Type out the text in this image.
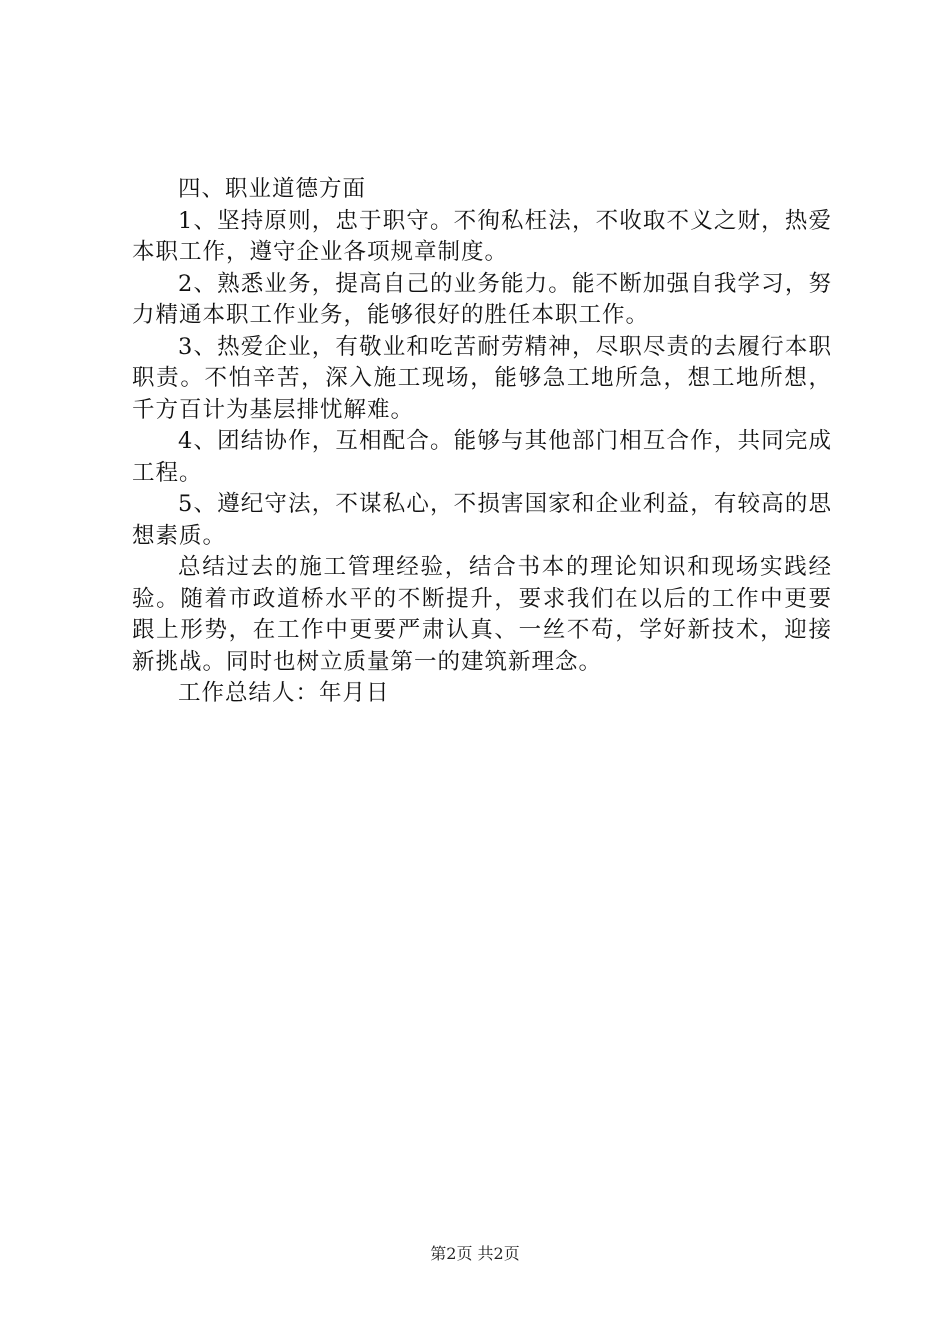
四、职业道德方面

1、坚持原则，忠于职守。不徇私枉法，不收取不义之财，热爱本职工作，遵守企业各项规章制度。

2、熟悉业务，提高自己的业务能力。能不断加强自我学习，努力精通本职工作业务，能够很好的胜任本职工作。

3、热爱企业，有敬业和吃苦耐劳精神，尽职尽责的去履行本职职责。不怕辛苦，深入施工现场，能够急工地所急，想工地所想，千方百计为基层排忧解难。

4、团结协作，互相配合。能够与其他部门相互合作，共同完成工程。

5、遵纪守法，不谋私心，不损害国家和企业利益，有较高的思想素质。

总结过去的施工管理经验，结合书本的理论知识和现场实践经验。随着市政道桥水平的不断提升，要求我们在以后的工作中更要跟上形势，在工作中更要严肃认真、一丝不苟，学好新技术，迎接新挑战。同时也树立质量第一的建筑新理念。

工作总结人：年月日

第2页 共2页
